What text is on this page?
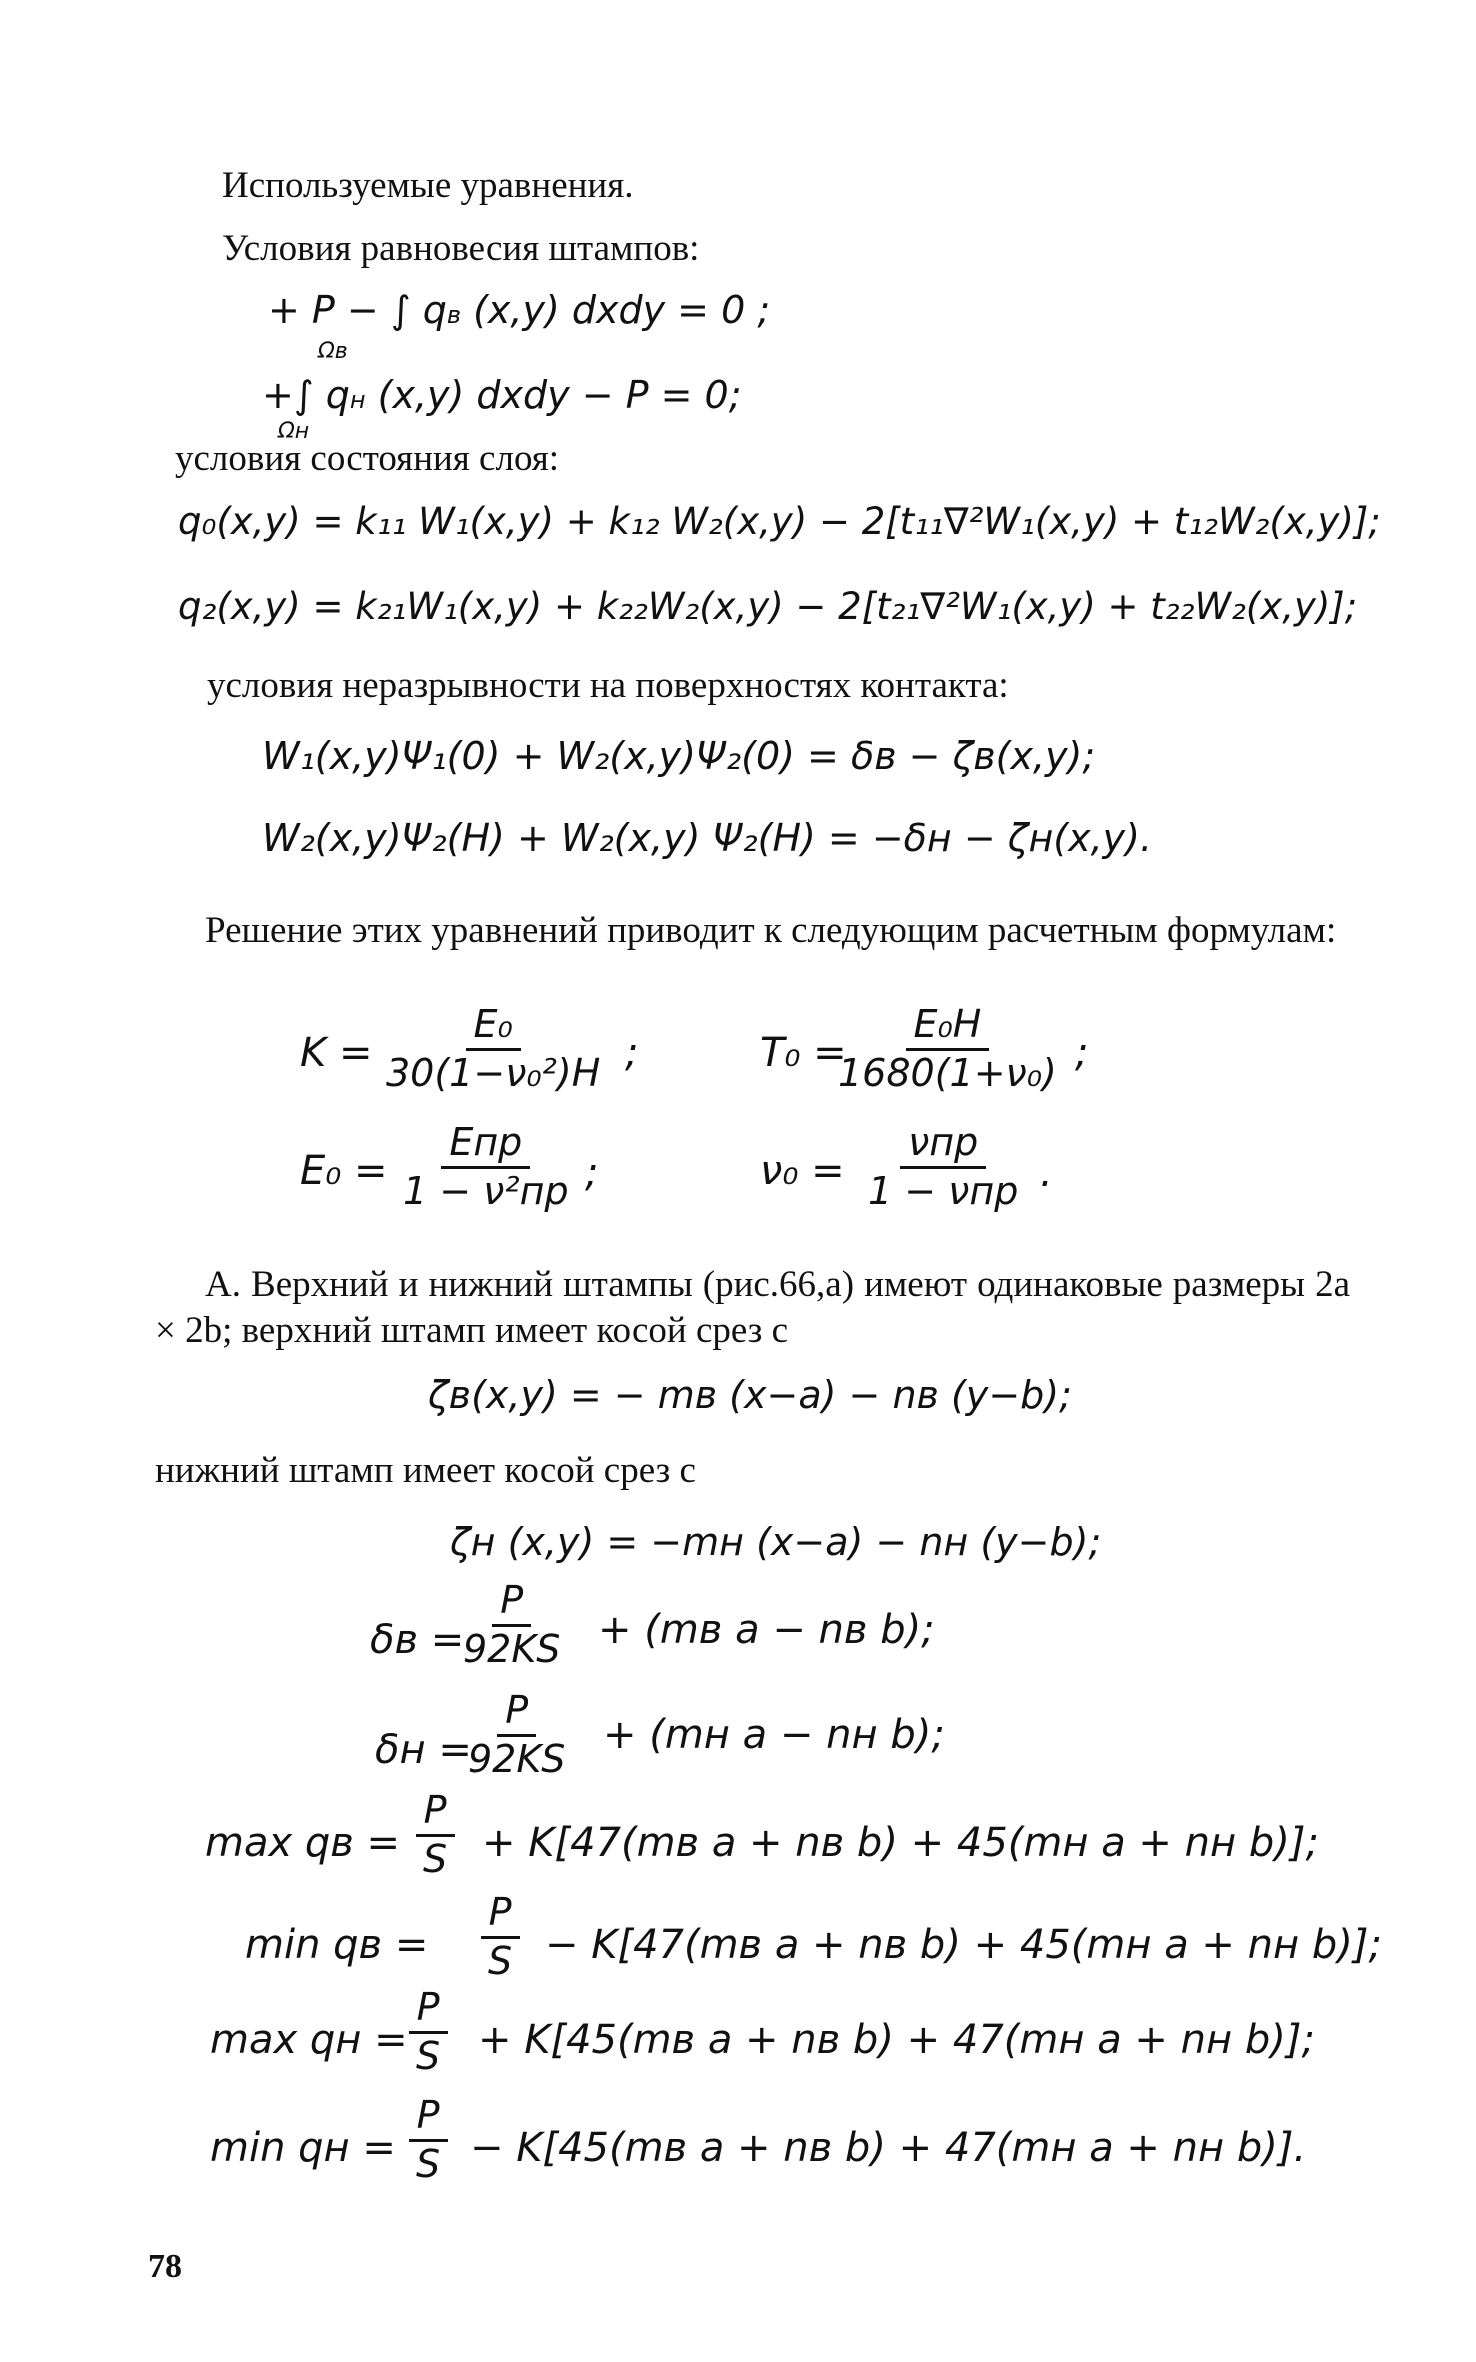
Используемые уравнения.
Условия равновесия штампов:
+ P − ∫ qв (x,y) dxdy = 0 ;
Ωв
+∫ qн (x,y) dxdy − P = 0;
Ωн
условия состояния слоя:
q₀(x,y) = k₁₁ W₁(x,y) + k₁₂ W₂(x,y) − 2[t₁₁∇²W₁(x,y) + t₁₂W₂(x,y)];
q₂(x,y) = k₂₁W₁(x,y) + k₂₂W₂(x,y) − 2[t₂₁∇²W₁(x,y) + t₂₂W₂(x,y)];
условия неразрывности на поверхностях контакта:
W₁(x,y)Ψ₁(0) + W₂(x,y)Ψ₂(0) = δв − ζв(x,y);
W₂(x,y)Ψ₂(H) + W₂(x,y) Ψ₂(H) = −δн − ζн(x,y).
Решение этих уравнений приводит к следующим расчетным формулам:
$K = \frac{\text{E₀}}{\text{30(1−ν₀²)H}}$ ;	T₀ =
$\frac{\text{E₀H}}{\text{1680(1+ν₀)}}$ ;
E₀ =
Eпр
1 − ν²пр ;	ν₀ =
νпр
1 − νпр .
А. Верхний и нижний штампы (рис.66,а) имеют одинаковые размеры 2a × 2b; верхний штамп имеет косой срез с
ζв(x,y) = − mв (x−a) − nв (y−b);
нижний штамп имеет косой срез с
ζн (x,y) = −mн (x−a) − nн (y−b);
δв =
$\frac{P}{92KS} + (mв$ a − nв b);
δн =
$\frac{P}{92KS} + (mн$ a − nн b);
max qв = $\frac{P}{S} + K[47(mв$ a + nв b) + 45(mн a + nн b)];
min qв = $\frac{P}{S} - K[47(mв$ a + nв b) + 45(mн a + nн b)];
max qн = $\frac{P}{S} + K[45(mв$ a + nв b) + 47(mн a + nн b)];
min qн = $\frac{P}{S} - K[45(mв$ a + nв b) + 47(mн a + nн b)].
78
